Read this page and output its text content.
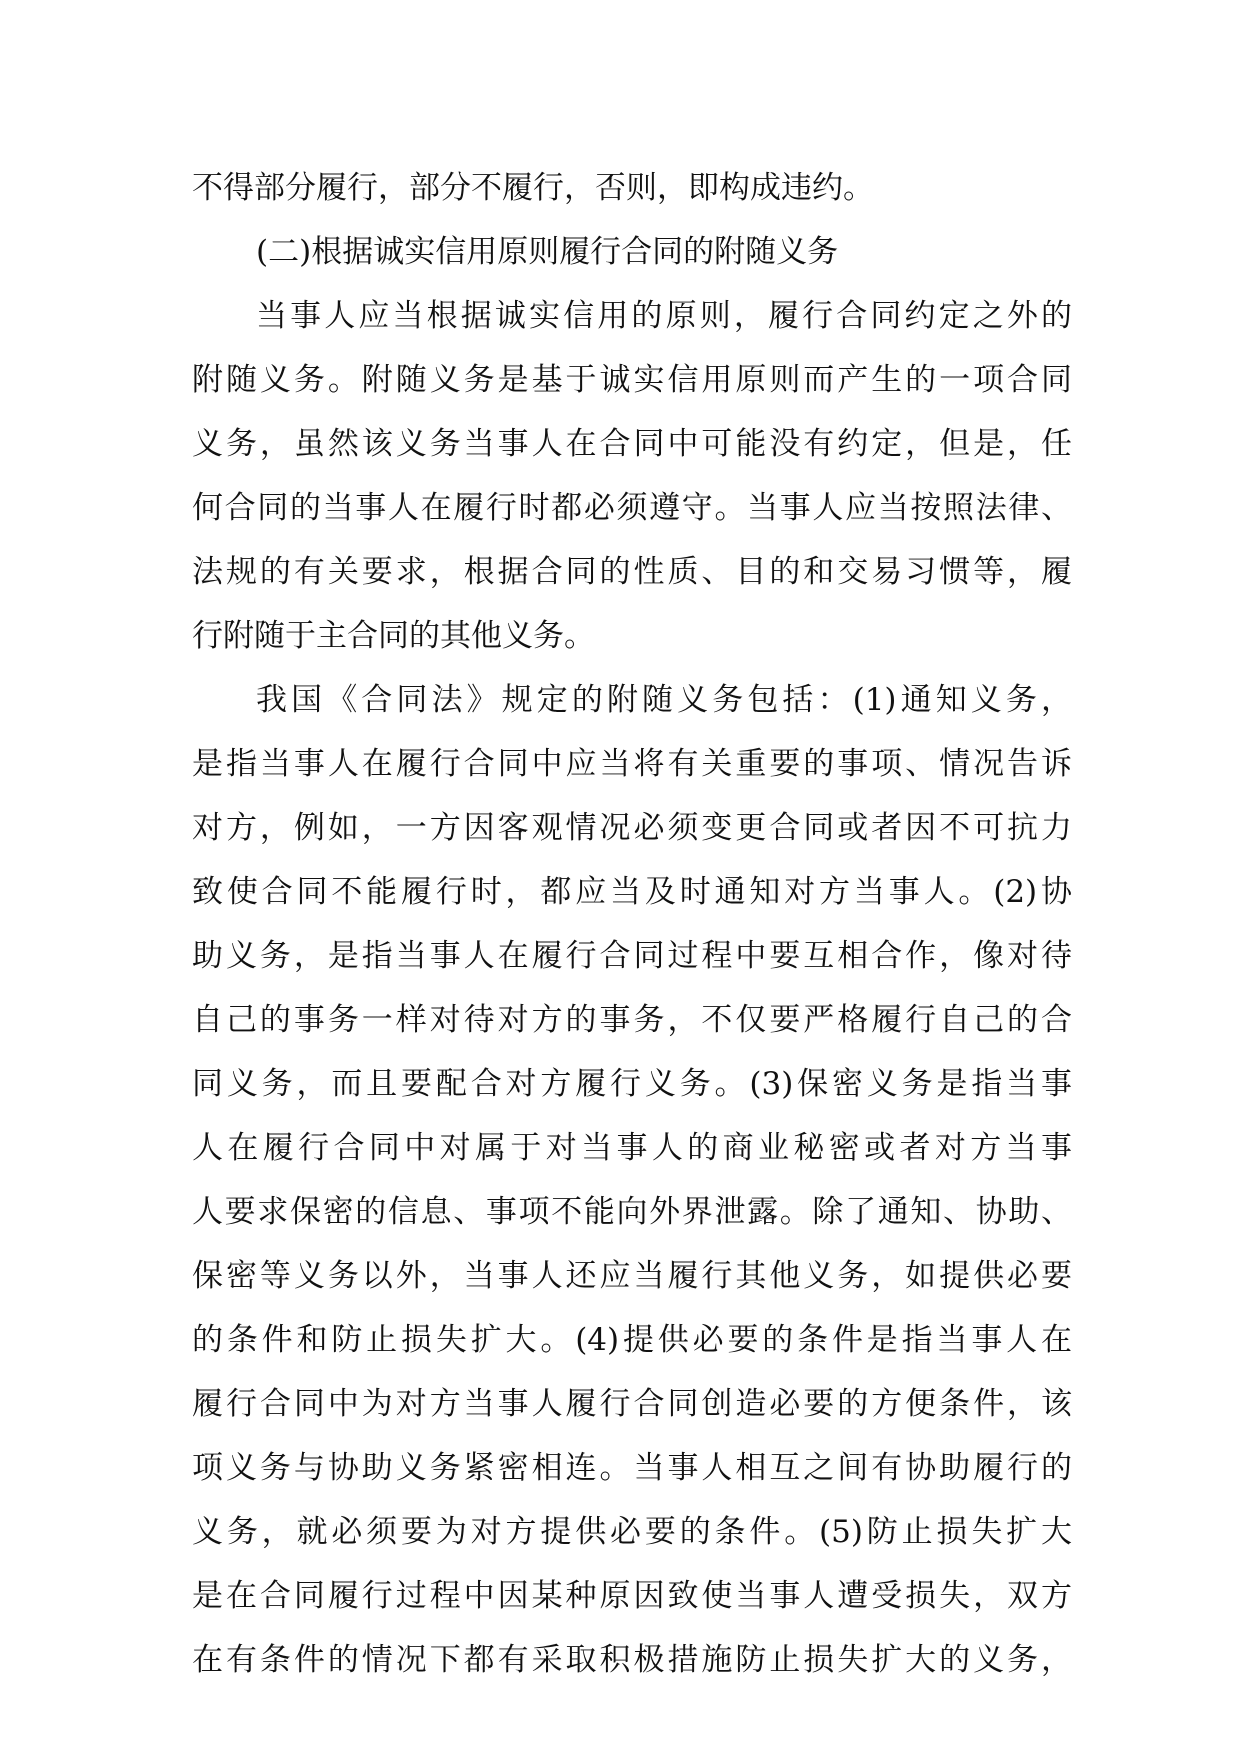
不得部分履行，部分不履行，否则，即构成违约。
(二)根据诚实信用原则履行合同的附随义务
当事人应当根据诚实信用的原则，履行合同约定之外的
附随义务。附随义务是基于诚实信用原则而产生的一项合同
义务，虽然该义务当事人在合同中可能没有约定，但是，任
何合同的当事人在履行时都必须遵守。当事人应当按照法律、
法规的有关要求，根据合同的性质、目的和交易习惯等，履
行附随于主合同的其他义务。
我国《合同法》规定的附随义务包括：(1)通知义务，
是指当事人在履行合同中应当将有关重要的事项、情况告诉
对方，例如，一方因客观情况必须变更合同或者因不可抗力
致使合同不能履行时，都应当及时通知对方当事人。(2)协
助义务，是指当事人在履行合同过程中要互相合作，像对待
自己的事务一样对待对方的事务，不仅要严格履行自己的合
同义务，而且要配合对方履行义务。(3)保密义务是指当事
人在履行合同中对属于对当事人的商业秘密或者对方当事
人要求保密的信息、事项不能向外界泄露。除了通知、协助、
保密等义务以外，当事人还应当履行其他义务，如提供必要
的条件和防止损失扩大。(4)提供必要的条件是指当事人在
履行合同中为对方当事人履行合同创造必要的方便条件，该
项义务与协助义务紧密相连。当事人相互之间有协助履行的
义务，就必须要为对方提供必要的条件。(5)防止损失扩大
是在合同履行过程中因某种原因致使当事人遭受损失，双方
在有条件的情况下都有采取积极措施防止损失扩大的义务，
